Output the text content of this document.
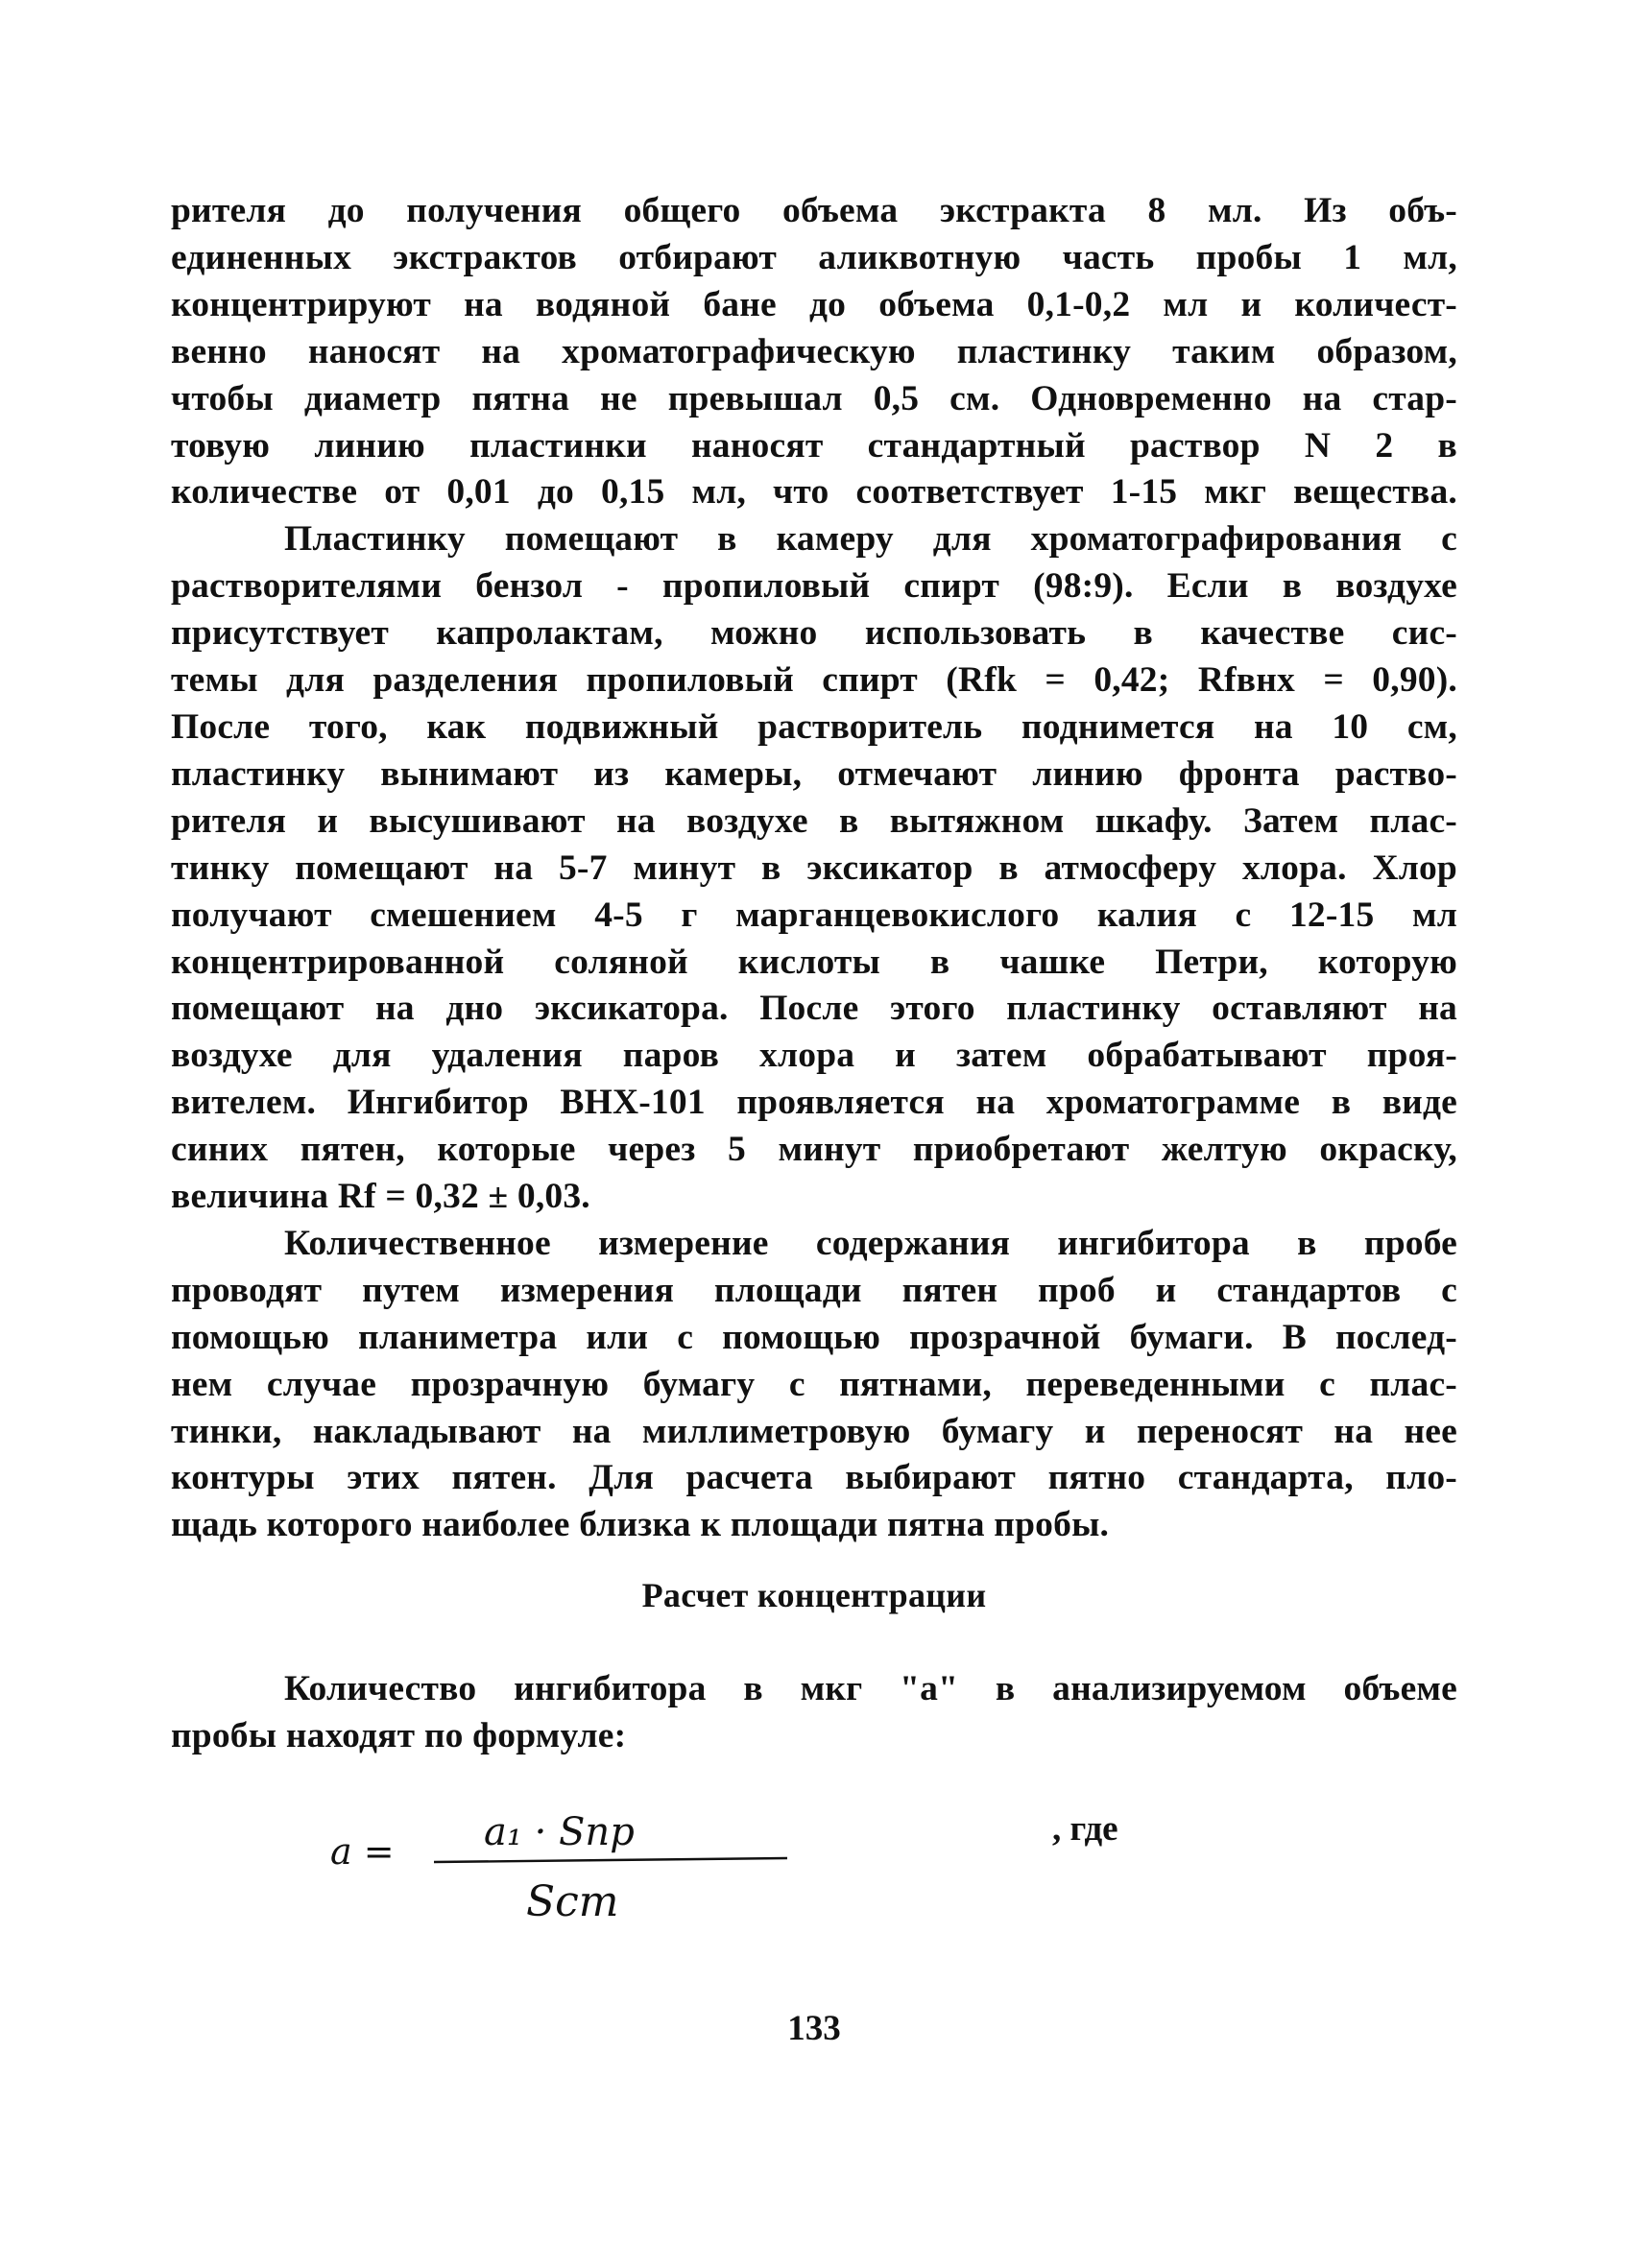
рителя до получения общего объема экстракта 8 мл. Из объ-

единенных экстрактов отбирают аликвотную часть пробы 1 мл,

концентрируют на водяной бане до объема 0,1-0,2 мл и количест-

венно наносят на хроматографическую пластинку таким образом,

чтобы диаметр пятна не превышал 0,5 см. Одновременно на стар-

товую линию пластинки наносят стандартный раствор N 2 в

количестве от 0,01 до 0,15 мл, что соответствует 1-15 мкг вещества.

Пластинку помещают в камеру для хроматографирования с

растворителями бензол - пропиловый спирт (98:9). Если в воздухе

присутствует капролактам, можно использовать в качестве сис-

темы для разделения пропиловый спирт (Rfk = 0,42; Rfвнх = 0,90).

После того, как подвижный растворитель поднимется на 10 см,

пластинку вынимают из камеры, отмечают линию фронта раство-

рителя и высушивают на воздухе в вытяжном шкафу. Затем плас-

тинку помещают на 5-7 минут в эксикатор в атмосферу хлора. Хлор

получают смешением 4-5 г марганцевокислого калия с 12-15 мл

концентрированной соляной кислоты в чашке Петри, которую

помещают на дно эксикатора. После этого пластинку оставляют на

воздухе для удаления паров хлора и затем обрабатывают проя-

вителем. Ингибитор ВНХ-101 проявляется на хроматограмме в виде

синих пятен, которые через 5 минут приобретают желтую окраску,

величина Rf = 0,32 ± 0,03.

Количественное измерение содержания ингибитора в пробе

проводят путем измерения площади пятен проб и стандартов с

помощью планиметра или с помощью прозрачной бумаги. В послед-

нем случае прозрачную бумагу с пятнами, переведенными с плас-

тинки, накладывают на миллиметровую бумагу и переносят на нее

контуры этих пятен. Для расчета выбирают пятно стандарта, пло-

щадь которого наиболее близка к площади пятна пробы.

Расчет концентрации

Количество ингибитора в мкг "а" в анализируемом объеме

пробы находят по формуле:

a = a₁ · Sпр
Sст
, где
133
